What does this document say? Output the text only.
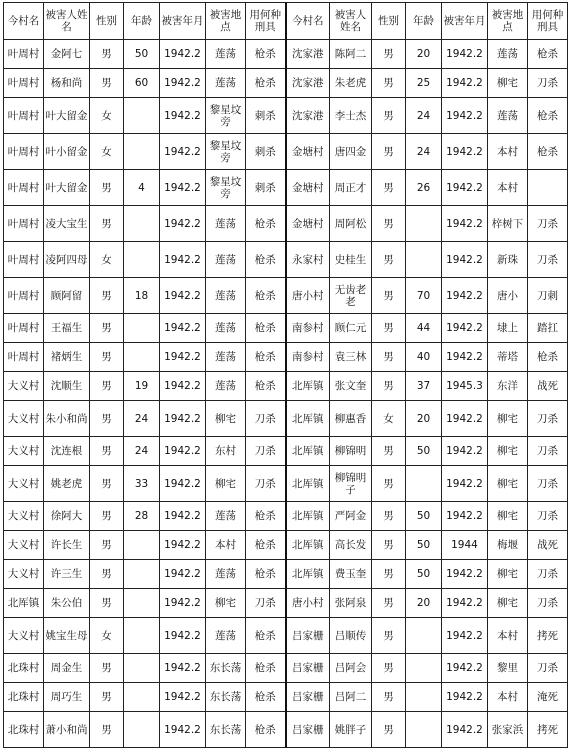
今村名	被害人姓名	性别	年龄	被害年月	被害地点	用何种刑具	今村名	被害人姓名	性别	年龄	被害年月	被害地点	用何种刑具
叶周村	金阿七	男	50	1942.2	莲荡	枪杀	沈家港	陈阿二	男	20	1942.2	莲荡	枪杀
叶周村	杨和尚	男	60	1942.2	莲荡	枪杀	沈家港	朱老虎	男	25	1942.2	柳宅	刀杀
叶周村	叶大留金	女		1942.2	黎星坟旁	刺杀	沈家港	李士杰	男	24	1942.2	莲荡	枪杀
叶周村	叶小留金	女		1942.2	黎星坟旁	刺杀	金塘村	唐四金	男	24	1942.2	本村	枪杀
叶周村	叶大留金	男	4	1942.2	黎星坟旁	刺杀	金塘村	周正才	男	26	1942.2	本村	
叶周村	凌大宝生	男		1942.2	莲荡	枪杀	金塘村	周阿松	男		1942.2	梓树下	刀杀
叶周村	凌阿四母	女		1942.2	莲荡	枪杀	永家村	史桂生	男		1942.2	新珠	刀杀
叶周村	顾阿留	男	18	1942.2	莲荡	枪杀	唐小村	无齿老老	男	70	1942.2	唐小	刀刺
叶周村	王福生	男		1942.2	莲荡	枪杀	南参村	顾仁元	男	44	1942.2	埭上	踏扛
叶周村	褚炳生	男		1942.2	莲荡	枪杀	南参村	袁三林	男	40	1942.2	蒂塔	枪杀
大义村	沈顺生	男	19	1942.2	莲荡	枪杀	北厍镇	张文奎	男	37	1945.3	东洋	战死
大义村	朱小和尚	男	24	1942.2	柳宅	刀杀	北厍镇	柳惠香	女	20	1942.2	柳宅	刀杀
大义村	沈连根	男	24	1942.2	东村	刀杀	北厍镇	柳锦明	男	50	1942.2	柳宅	刀杀
大义村	姚老虎	男	33	1942.2	柳宅	刀杀	北厍镇	柳锦明子	男		1942.2	柳宅	刀杀
大义村	徐阿大	男	28	1942.2	莲荡	枪杀	北厍镇	严阿金	男	50	1942.2	柳宅	刀杀
大义村	许长生	男		1942.2	本村	枪杀	北厍镇	高长发	男	50	1944	梅堰	战死
大义村	许三生	男		1942.2	莲荡	枪杀	北厍镇	费玉奎	男	50	1942.2	柳宅	刀杀
北厍镇	朱公伯	男		1942.2	柳宅	刀杀	唐小村	张阿泉	男	20	1942.2	柳宅	刀杀
大义村	姚宝生母	女		1942.2	莲荡	枪杀	吕家栅	吕顺传	男		1942.2	本村	拷死
北珠村	周金生	男		1942.2	东长荡	枪杀	吕家栅	吕阿会	男		1942.2	黎里	刀杀
北珠村	周巧生	男		1942.2	东长荡	枪杀	吕家栅	吕阿二	男		1942.2	本村	淹死
北珠村	萧小和尚	男		1942.2	东长荡	枪杀	吕家栅	姚胖子	男		1942.2	张家浜	拷死
